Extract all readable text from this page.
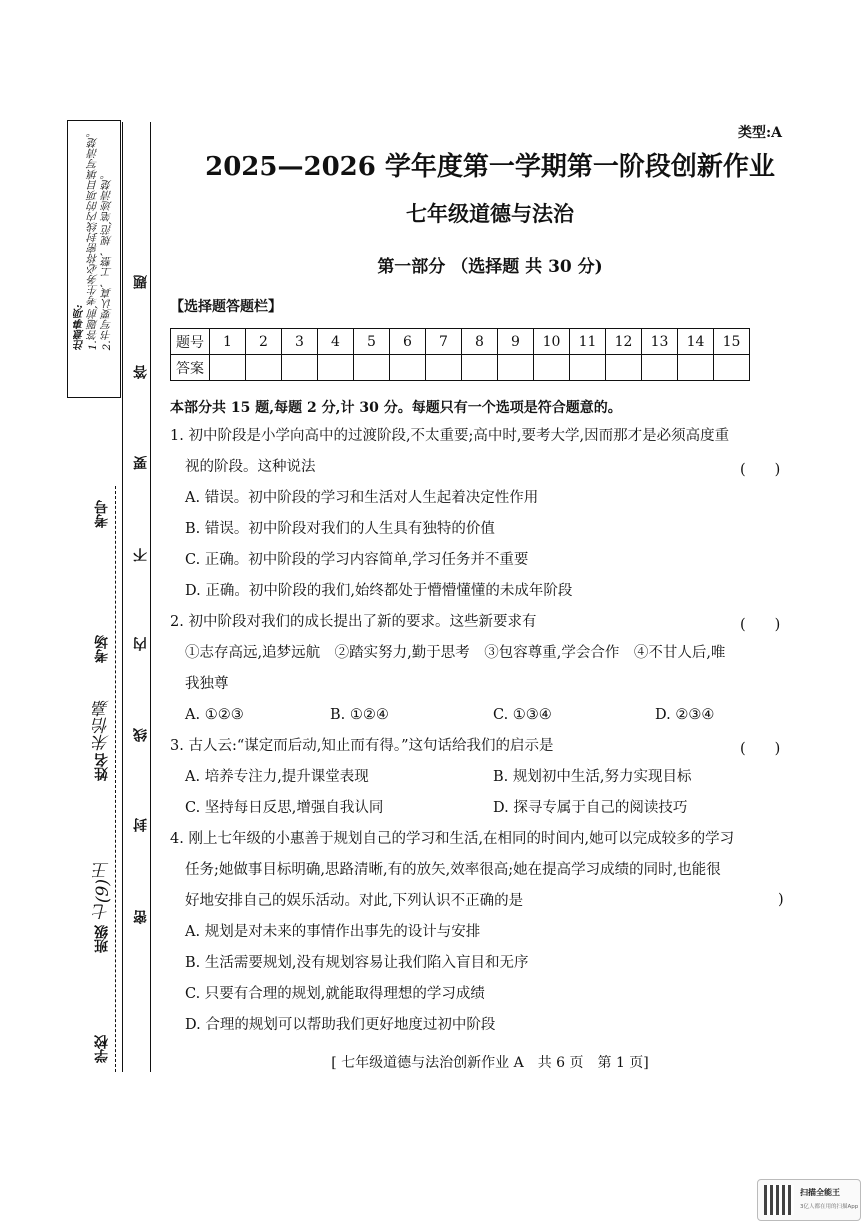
注意事项: 1.答题前,考生务必将密封线内的项目填写清楚。 2.书写要认真、工整、规范,笔迹清楚。 题
答
要
不
内
线
封
密
考号
考场
姓名
朱怡嘉
班级
七(9)王
学校
类型:A
2025—2026 学年度第一学期第一阶段创新作业
七年级道德与法治
第一部分 （选择题 共 30 分)
【选择题答题栏】
题号	1	2	3	4	5	6	7	8	9	10	11	12	13	14	15
答案															
本部分共 15 题,每题 2 分,计 30 分。每题只有一个选项是符合题意的。
1. 初中阶段是小学向高中的过渡阶段,不太重要;高中时,要考大学,因而那才是必须高度重
视的阶段。这种说法	(　　)
A. 错误。初中阶段的学习和生活对人生起着决定性作用
B. 错误。初中阶段对我们的人生具有独特的价值
C. 正确。初中阶段的学习内容简单,学习任务并不重要
D. 正确。初中阶段的我们,始终都处于懵懵懂懂的未成年阶段
2. 初中阶段对我们的成长提出了新的要求。这些新要求有	(　　)
①志存高远,追梦远航　②踏实努力,勤于思考　③包容尊重,学会合作　④不甘人后,唯
我独尊
A. ①②③	B. ①②④	C. ①③④	D. ②③④
3. 古人云:“谋定而后动,知止而有得。”这句话给我们的启示是	(　　)
A. 培养专注力,提升课堂表现	B. 规划初中生活,努力实现目标
C. 坚持每日反思,增强自我认同	D. 探寻专属于自己的阅读技巧
4. 刚上七年级的小惠善于规划自己的学习和生活,在相同的时间内,她可以完成较多的学习
任务;她做事目标明确,思路清晰,有的放矢,效率很高;她在提高学习成绩的同时,也能很
好地安排自己的娱乐活动。对此,下列认识不正确的是	)
A. 规划是对未来的事情作出事先的设计与安排
B. 生活需要规划,没有规划容易让我们陷入盲目和无序
C. 只要有合理的规划,就能取得理想的学习成绩
D. 合理的规划可以帮助我们更好地度过初中阶段
[ 七年级道德与法治创新作业 A　共 6 页　第 1 页]
扫描全能王
3亿人都在用的扫描App
